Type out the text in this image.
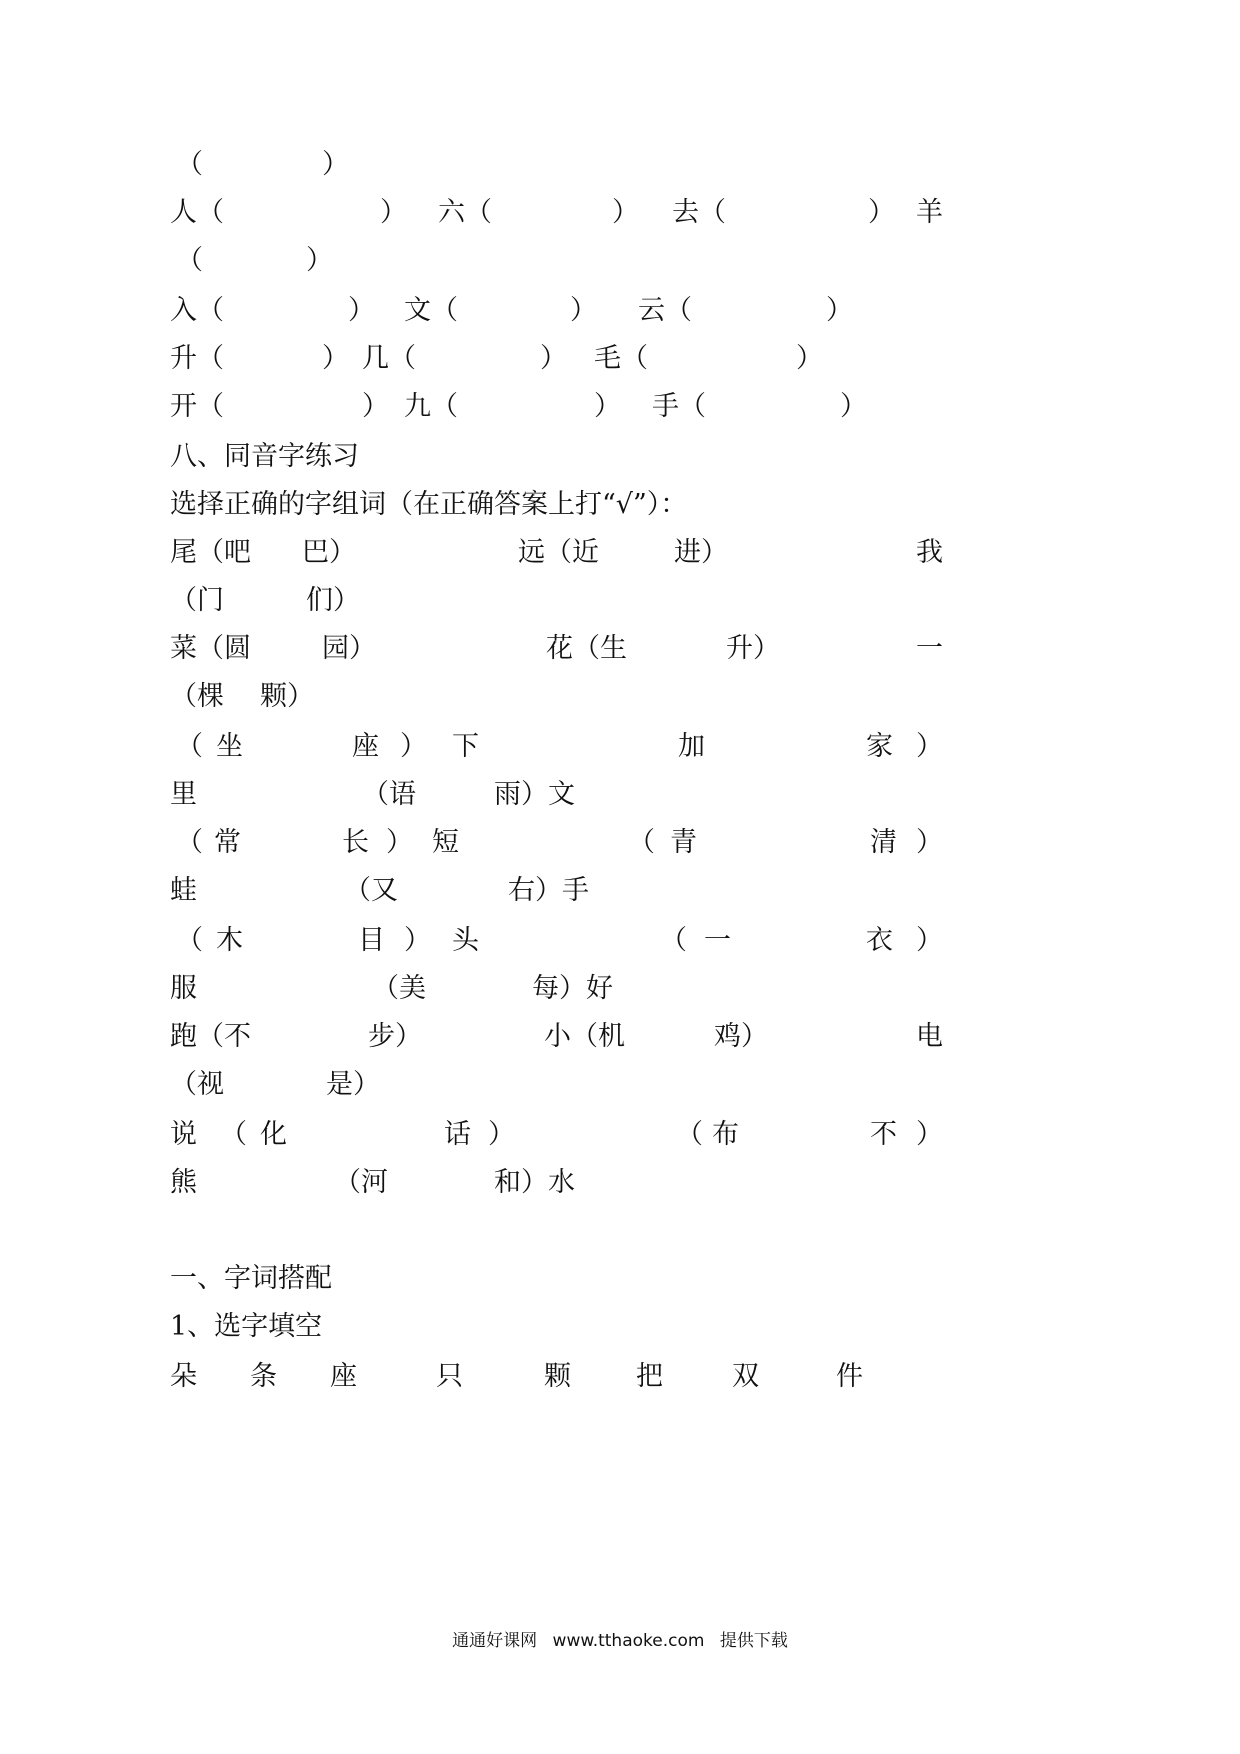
（	）
人（	） 六（	） 去（	） 羊
（	）
入（	） 文（	） 云（	）
升（	） 几（	） 毛（	）
开（	） 九（	） 手（	）
八、同音字练习
选择正确的字组词（在正确答案上打“√”）：
尾（吧 巴）	远（近	进）	我
（门	们）
菜（圆	园）	花（生	升）	一
（棵 颗）
（ 坐	座 ） 下	加	家 ）
里	（语	雨）文
（ 常	长 ） 短	（ 青	清 ）
蛙	（又	右）手
（ 木	目 ） 头	（ 一	衣 ）
服	（美	每）好
跑（不	步）	小（机	鸡）	电
（视	是）
说 （ 化	话 ）	（ 布	不 ）
熊	（河	和）水
一、字词搭配
1、选字填空
朵 条 座	只	颗 把	双	件
通通好课网 www.tthaoke.com 提供下载
